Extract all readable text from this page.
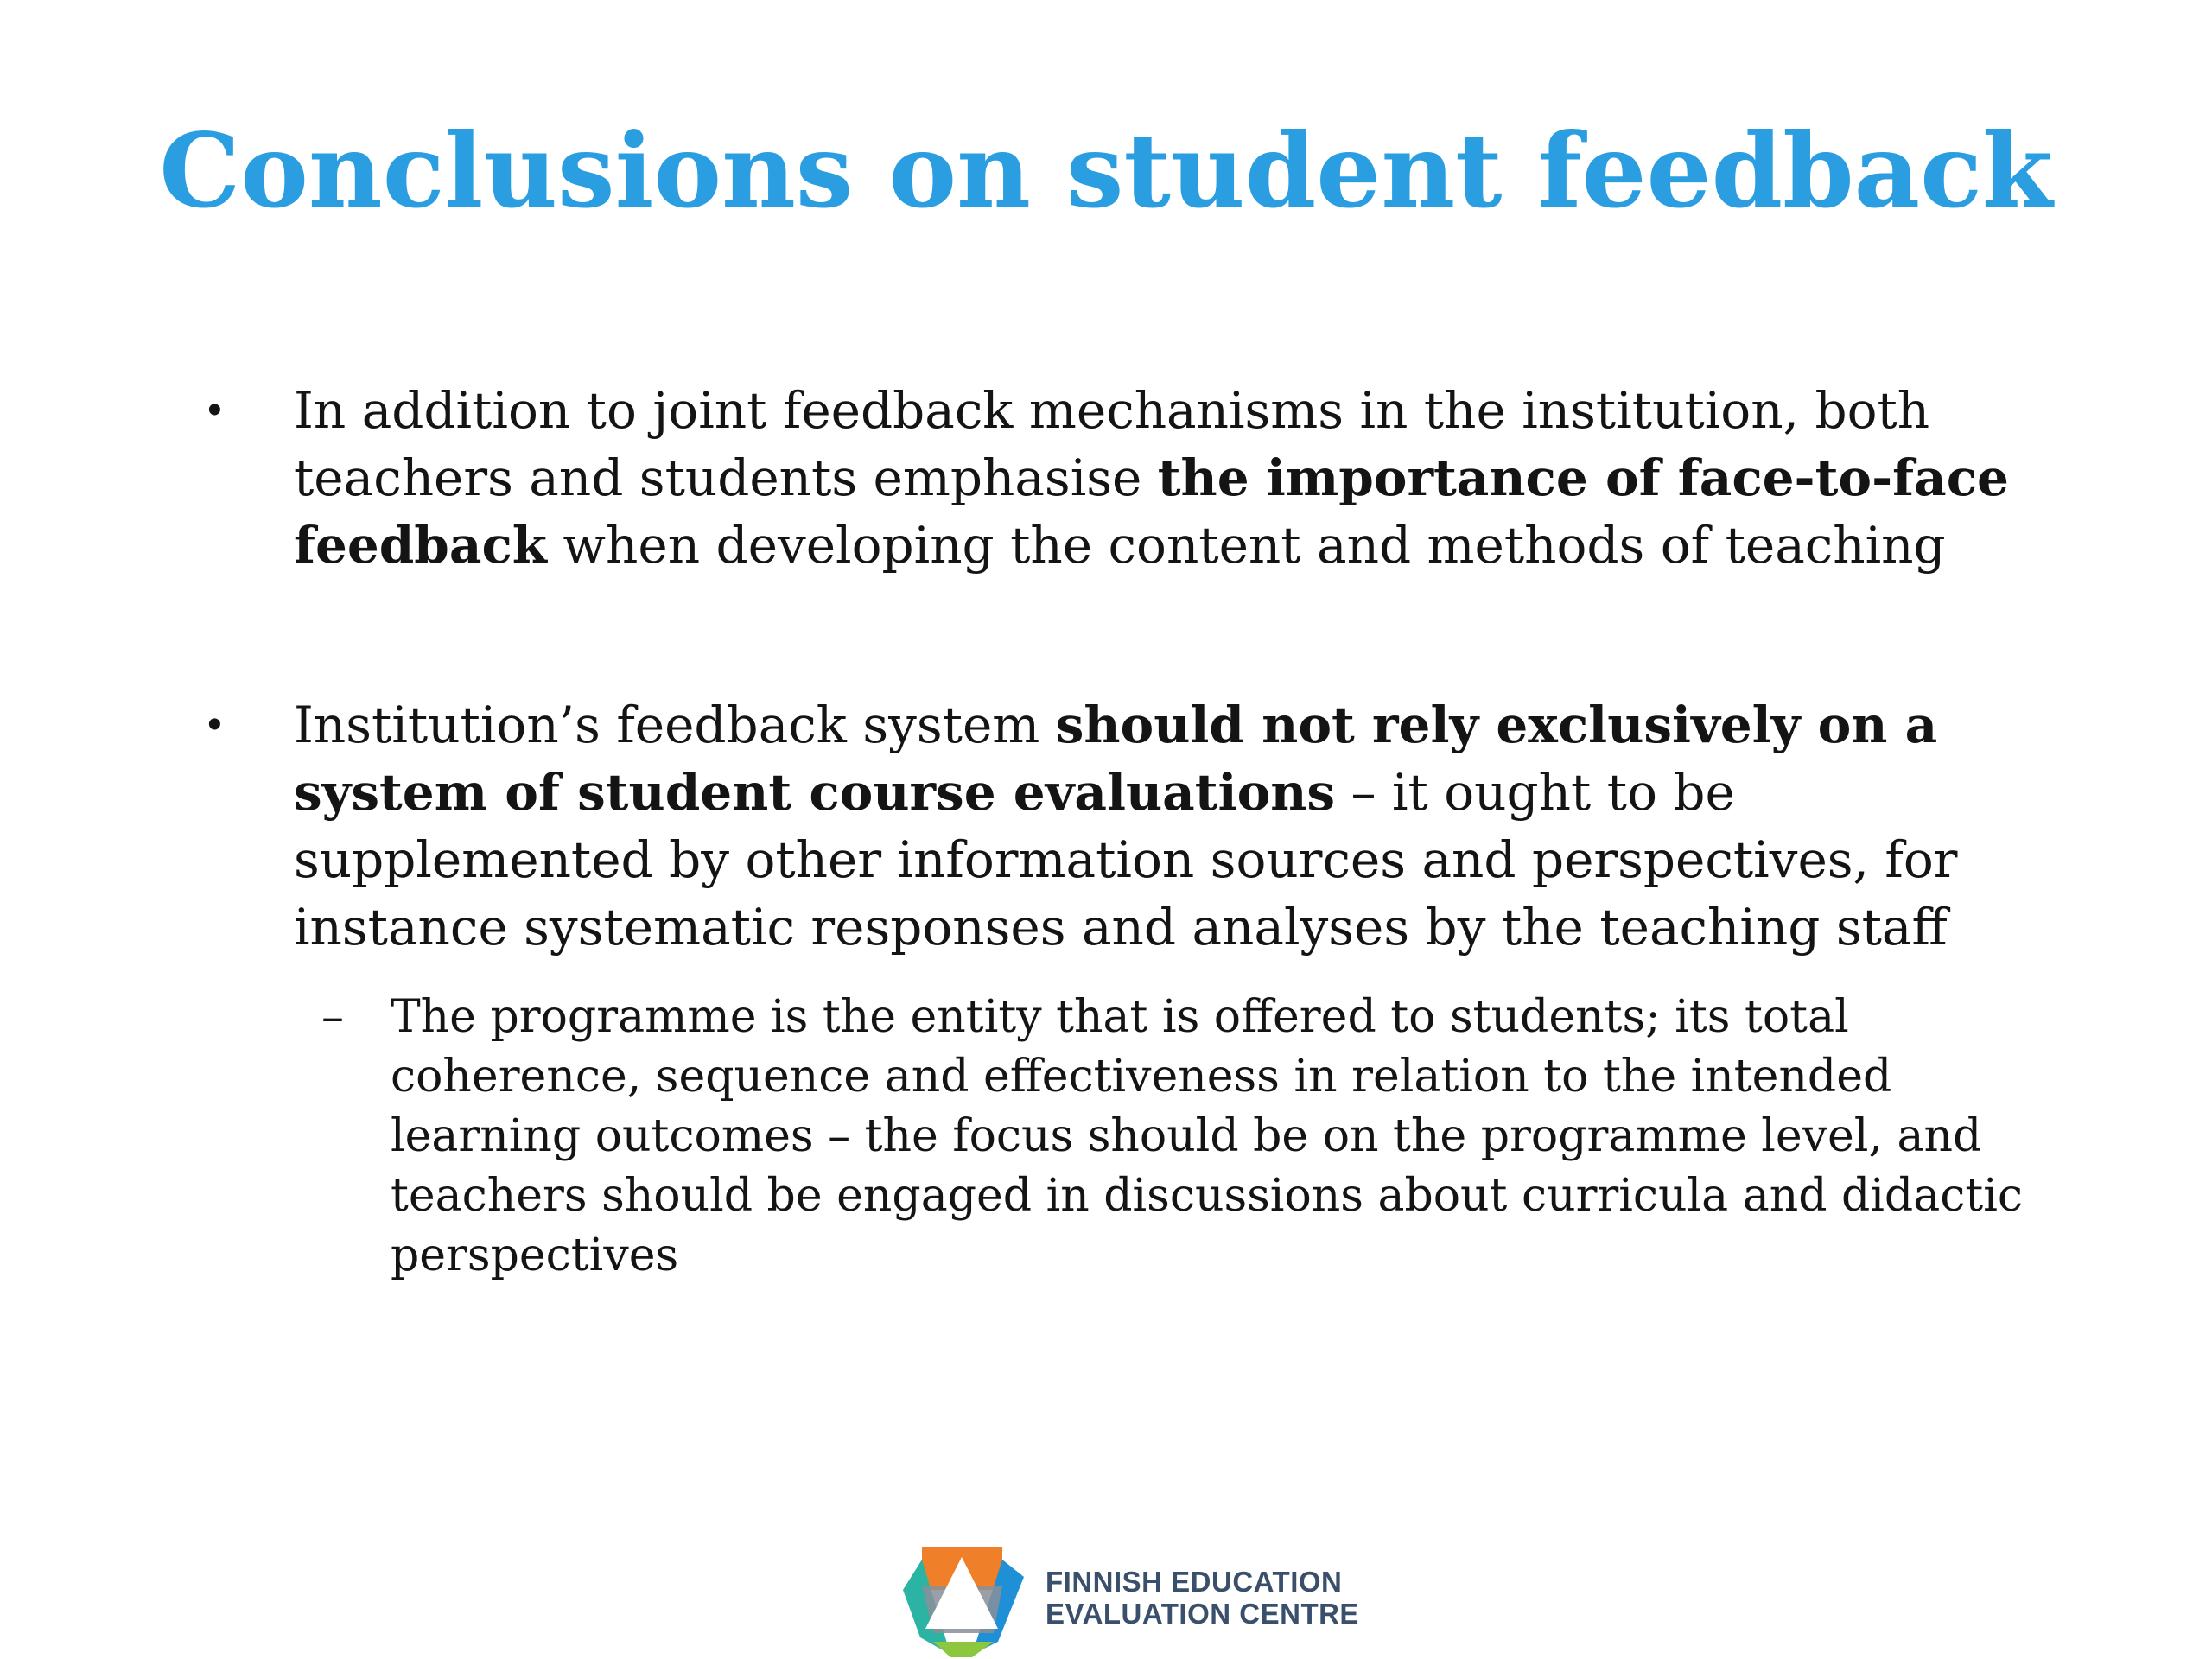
Conclusions on student feedback
•	In addition to joint feedback mechanisms in the institution, both teachers and students emphasise the importance of face-to-face feedback when developing the content and methods of teaching
•	Institution’s feedback system should not rely exclusively on a system of student course evaluations – it ought to be supplemented by other information sources and perspectives, for instance systematic responses and analyses by the teaching staff
–	The programme is the entity that is offered to students; its total coherence, sequence and effectiveness in relation to the intended learning outcomes – the focus should be on the programme level, and teachers should be engaged in discussions about curricula and didactic perspectives
FINNISH EDUCATION
EVALUATION CENTRE
